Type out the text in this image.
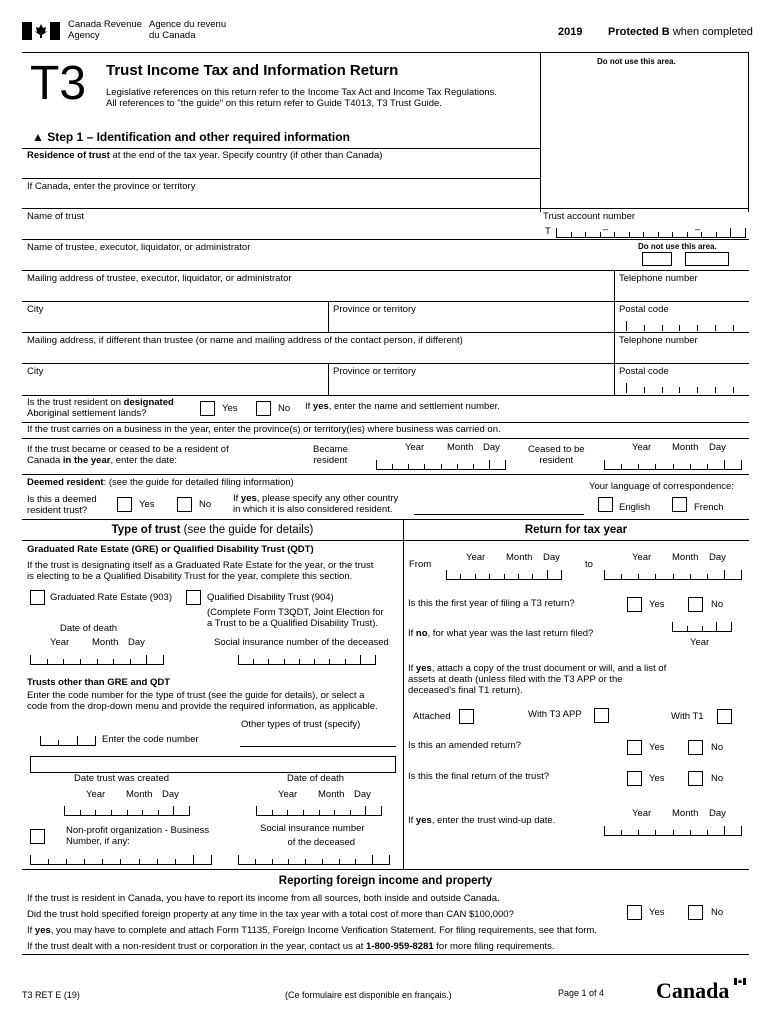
Canada Revenue
Agency
Agence du revenu
du Canada	2019 Protected B when completed
Do not use this area.
T3 Trust Income Tax and Information Return
Legislative references on this return refer to the Income Tax Act and Income Tax Regulations.
All references to "the guide" on this return refer to Guide T4013, T3 Trust Guide.
▲ Step 1 – Identification and other required information
Residence of trust at the end of the tax year. Specify country (if other than Canada)
If Canada, enter the province or territory
Name of trust	Trust account number
T	–	–
Name of trustee, executor, liquidator, or administrator	Do not use this area.
Mailing address of trustee, executor, liquidator, or administrator	Telephone number
City	Province or territory	Postal code
Mailing address, if different than trustee (or name and mailing address of the contact person, if different)	Telephone number
City	Province or territory	Postal code
Is the trust resident on designated
Aboriginal settlement lands?	Yes	No If yes, enter the name and settlement number.
If the trust carries on a business in the year, enter the province(s) or territory(ies) where business was carried on.
If the trust became or ceased to be a resident of
Canada in the year, enter the date:
Became
resident
Year Month Day	Ceased to be
resident
Year Month Day
Deemed resident: (see the guide for detailed filing information)	Your language of correspondence:
Is this a deemed
resident trust?
Yes	No
If yes, please specify any other country
in which it is also considered resident.	English	French
Type of trust (see the guide for details)	Return for tax year
Graduated Rate Estate (GRE) or Qualified Disability Trust (QDT)
If the trust is designating itself as a Graduated Rate Estate for the year, or the trust
is electing to be a Qualified Disability Trust for the year, complete this section.
Graduated Rate Estate (903)	Qualified Disability Trust (904)
(Complete Form T3QDT, Joint Election for
a Trust to be a Qualified Disability Trust).
Date of death
Year Month Day	Social insurance number of the deceased
Trusts other than GRE and QDT
Enter the code number for the type of trust (see the guide for details), or select a
code from the drop-down menu and provide the required information, as applicable.
Other types of trust (specify)
Enter the code number
Date trust was created	Date of death
Year Month Day	Year Month Day
Non-profit organization - Business
Number, if any:
Social insurance number
of the deceased
Year Month Day	Year Month Day
From	to
Is this the first year of filing a T3 return?	Yes	No
If no, for what year was the last return filed?
Year
If yes, attach a copy of the trust document or will, and a list of
assets at death (unless filed with the T3 APP or the
deceased's final T1 return).
Attached	With T3 APP	With T1
Is this an amended return?	Yes	No
Is this the final return of the trust?	Yes	No
Year Month Day
If yes, enter the trust wind-up date.
Reporting foreign income and property
If the trust is resident in Canada, you have to report its income from all sources, both inside and outside Canada.
Did the trust hold specified foreign property at any time in the tax year with a total cost of more than CAN $100,000?	Yes	No
If yes, you may have to complete and attach Form T1135, Foreign Income Verification Statement. For filing requirements, see that form.
If the trust dealt with a non-resident trust or corporation in the year, contact us at 1-800-959-8281 for more filing requirements.
T3 RET E (19)	(Ce formulaire est disponible en français.)	Page 1 of 4 Canada
